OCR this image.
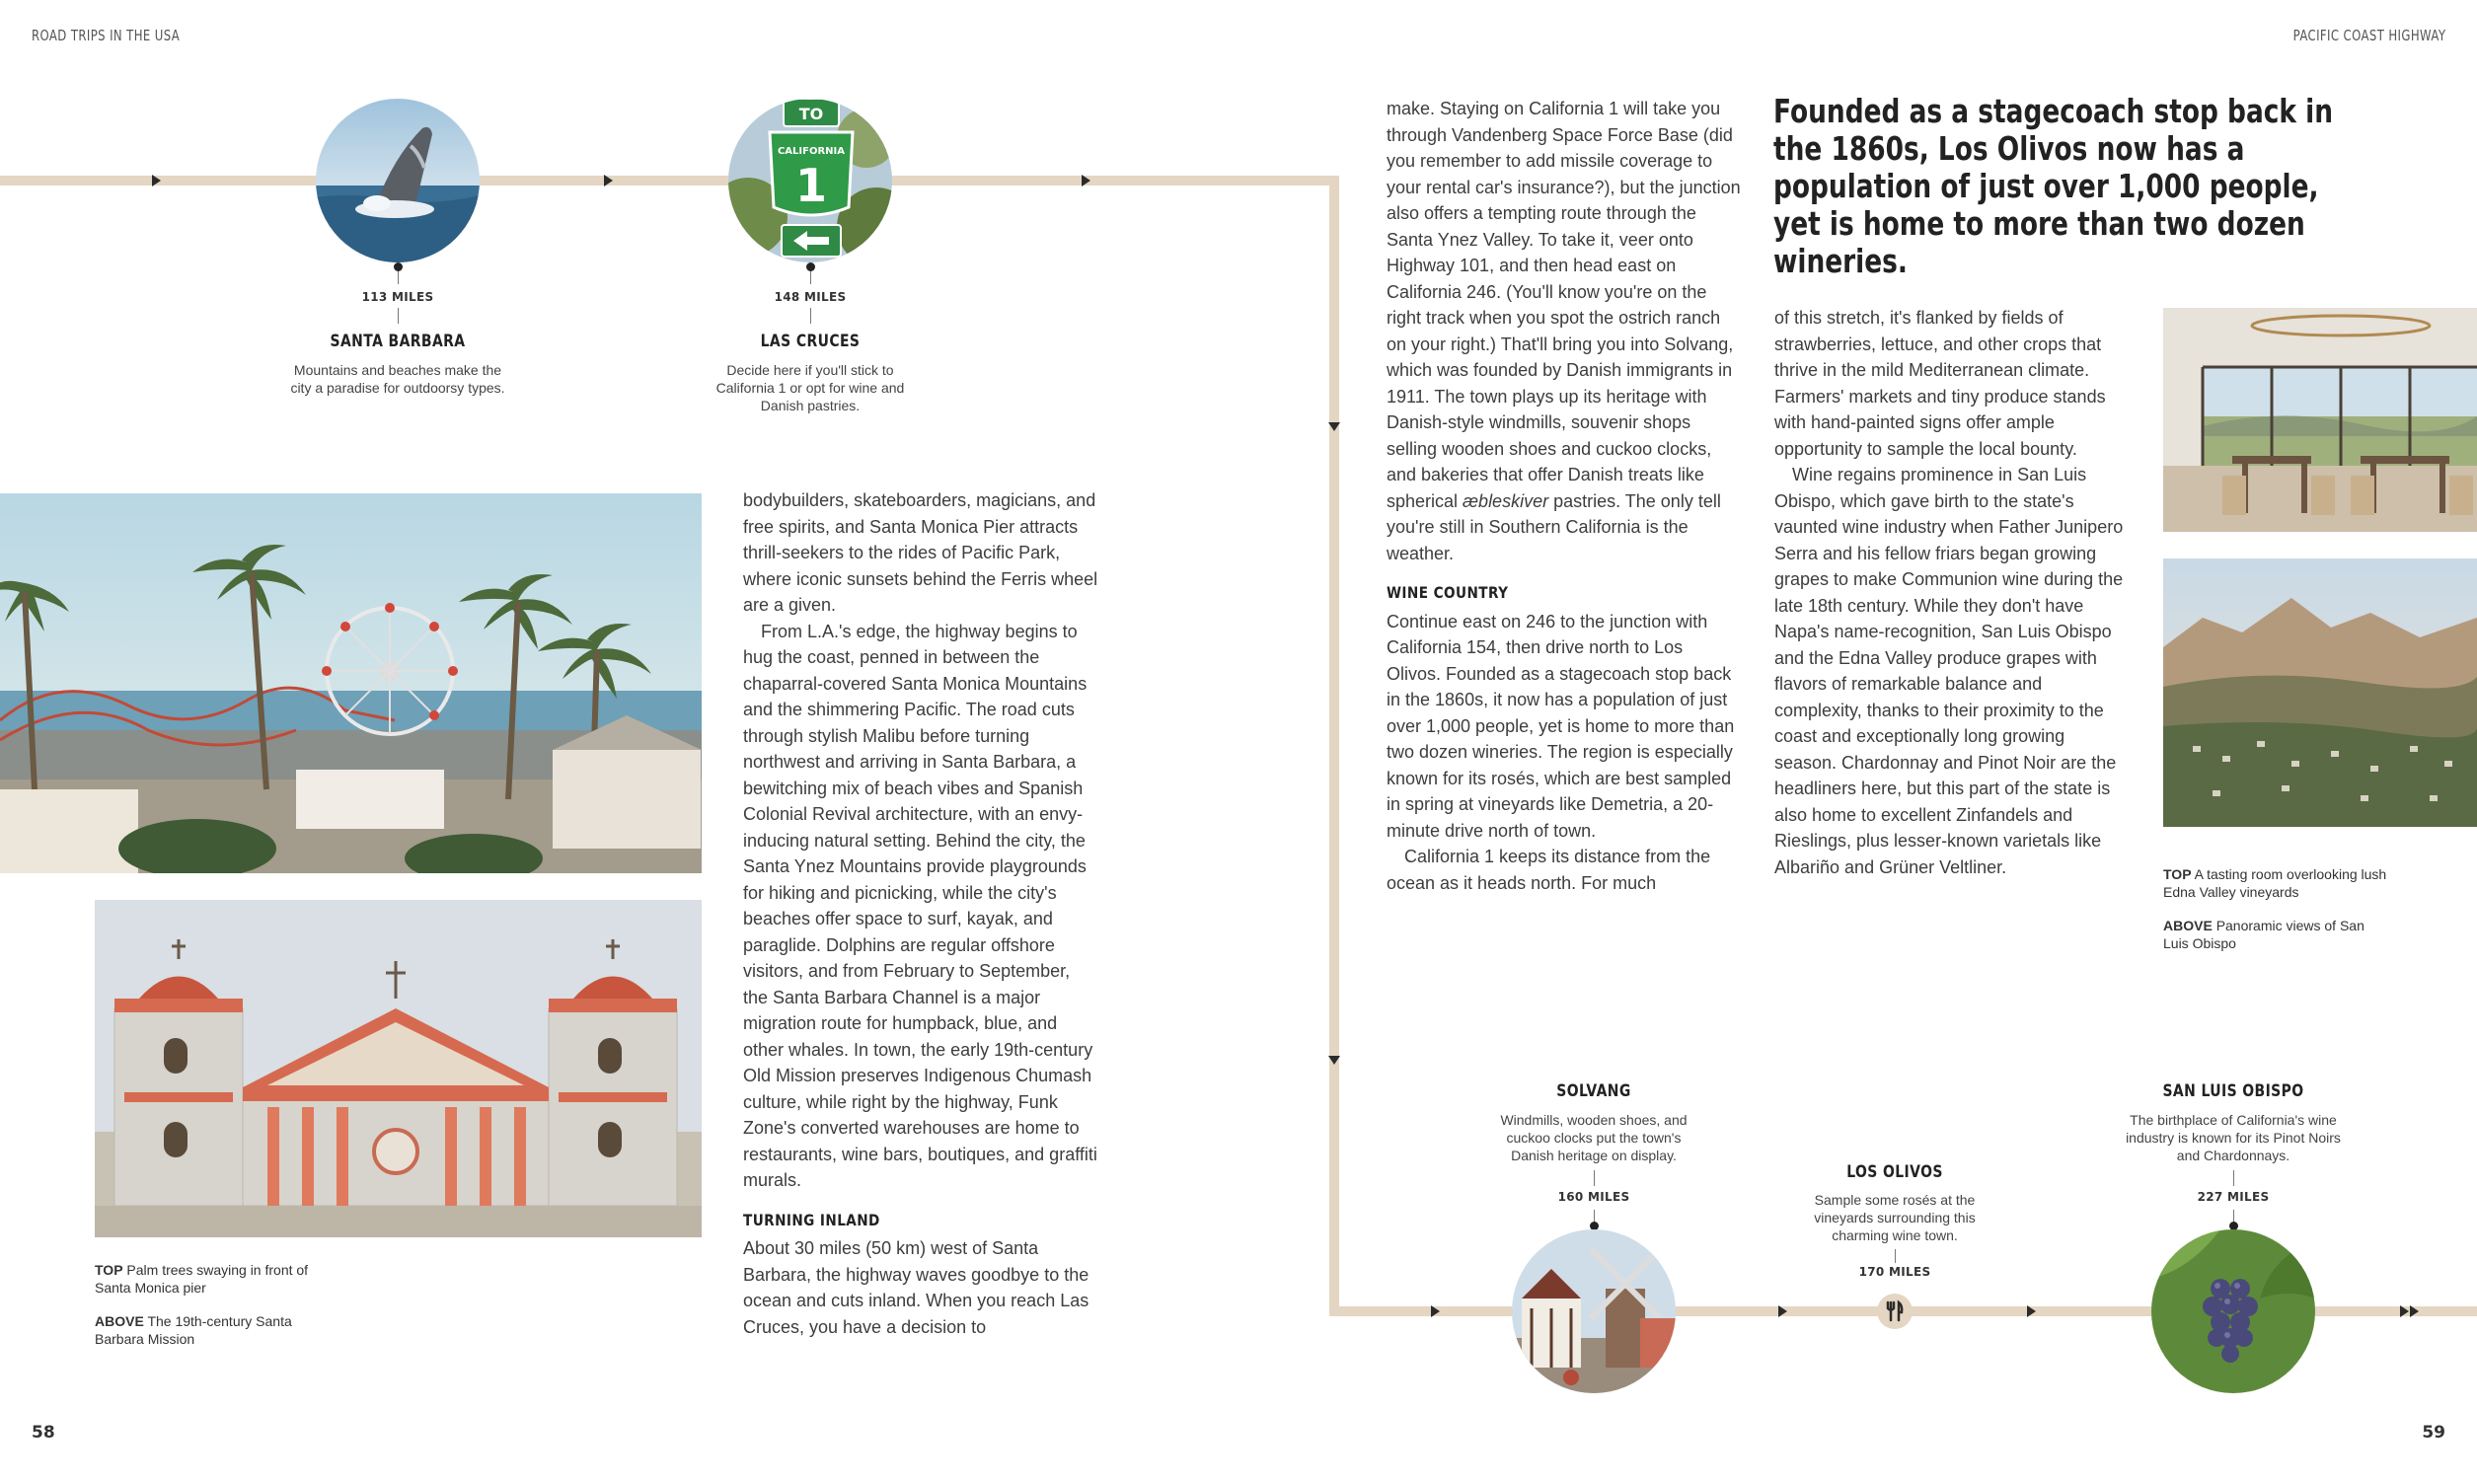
ROAD TRIPS IN THE USA	PACIFIC COAST HIGHWAY
113 MILES
SANTA BARBARA
Mountains and beaches make the city a paradise for outdoorsy types.
TO
CALIFORNIA
1
148 MILES
LAS CRUCES
Decide here if you'll stick to California 1 or opt for wine and Danish pastries.

TOP Palm trees swaying in front of Santa Monica pier

ABOVE The 19th-century Santa Barbara Mission

bodybuilders, skateboarders, magicians, and free spirits, and Santa Monica Pier attracts thrill-seekers to the rides of Pacific Park, where iconic sunsets behind the Ferris wheel are a given.

From L.A.'s edge, the highway begins to hug the coast, penned in between the chaparral-covered Santa Monica Mountains and the shimmering Pacific. The road cuts through stylish Malibu before turning northwest and arriving in Santa Barbara, a bewitching mix of beach vibes and Spanish Colonial Revival architecture, with an envy-inducing natural setting. Behind the city, the Santa Ynez Mountains provide playgrounds for hiking and picnicking, while the city's beaches offer space to surf, kayak, and paraglide. Dolphins are regular offshore visitors, and from February to September, the Santa Barbara Channel is a major migration route for humpback, blue, and other whales. In town, the early 19th-century Old Mission preserves Indigenous Chumash culture, while right by the highway, Funk Zone's converted warehouses are home to restaurants, wine bars, boutiques, and graffiti murals.

TURNING INLAND

About 30 miles (50 km) west of Santa Barbara, the highway waves goodbye to the ocean and cuts inland. When you reach Las Cruces, you have a decision to

make. Staying on California 1 will take you through Vandenberg Space Force Base (did you remember to add missile coverage to your rental car's insurance?), but the junction also offers a tempting route through the Santa Ynez Valley. To take it, veer onto Highway 101, and then head east on California 246. (You'll know you're on the right track when you spot the ostrich ranch on your right.) That'll bring you into Solvang, which was founded by Danish immigrants in 1911. The town plays up its heritage with Danish-style windmills, souvenir shops selling wooden shoes and cuckoo clocks, and bakeries that offer Danish treats like spherical æbleskiver pastries. The only tell you're still in Southern California is the weather.

WINE COUNTRY

Continue east on 246 to the junction with California 154, then drive north to Los Olivos. Founded as a stagecoach stop back in the 1860s, it now has a population of just over 1,000 people, yet is home to more than two dozen wineries. The region is especially known for its rosés, which are best sampled in spring at vineyards like Demetria, a 20-minute drive north of town.

California 1 keeps its distance from the ocean as it heads north. For much

Founded as a stagecoach stop back in the 1860s, Los Olivos now has a population of just over 1,000 people, yet is home to more than two dozen wineries.

of this stretch, it's flanked by fields of strawberries, lettuce, and other crops that thrive in the mild Mediterranean climate. Farmers' markets and tiny produce stands with hand-painted signs offer ample opportunity to sample the local bounty.

Wine regains prominence in San Luis Obispo, which gave birth to the state's vaunted wine industry when Father Junipero Serra and his fellow friars began growing grapes to make Communion wine during the late 18th century. While they don't have Napa's name-recognition, San Luis Obispo and the Edna Valley produce grapes with flavors of remarkable balance and complexity, thanks to their proximity to the coast and exceptionally long growing season. Chardonnay and Pinot Noir are the headliners here, but this part of the state is also home to excellent Zinfandels and Rieslings, plus lesser-known varietals like Albariño and Grüner Veltliner.	TOP A tasting room overlooking lush Edna Valley vineyards

ABOVE Panoramic views of San Luis Obispo

SOLVANG
Windmills, wooden shoes, and cuckoo clocks put the town's Danish heritage on display.
160 MILES
LOS OLIVOS
Sample some rosés at the vineyards surrounding this charming wine town.
170 MILES
SAN LUIS OBISPO
The birthplace of California's wine industry is known for its Pinot Noirs and Chardonnays.
227 MILES
58	59
